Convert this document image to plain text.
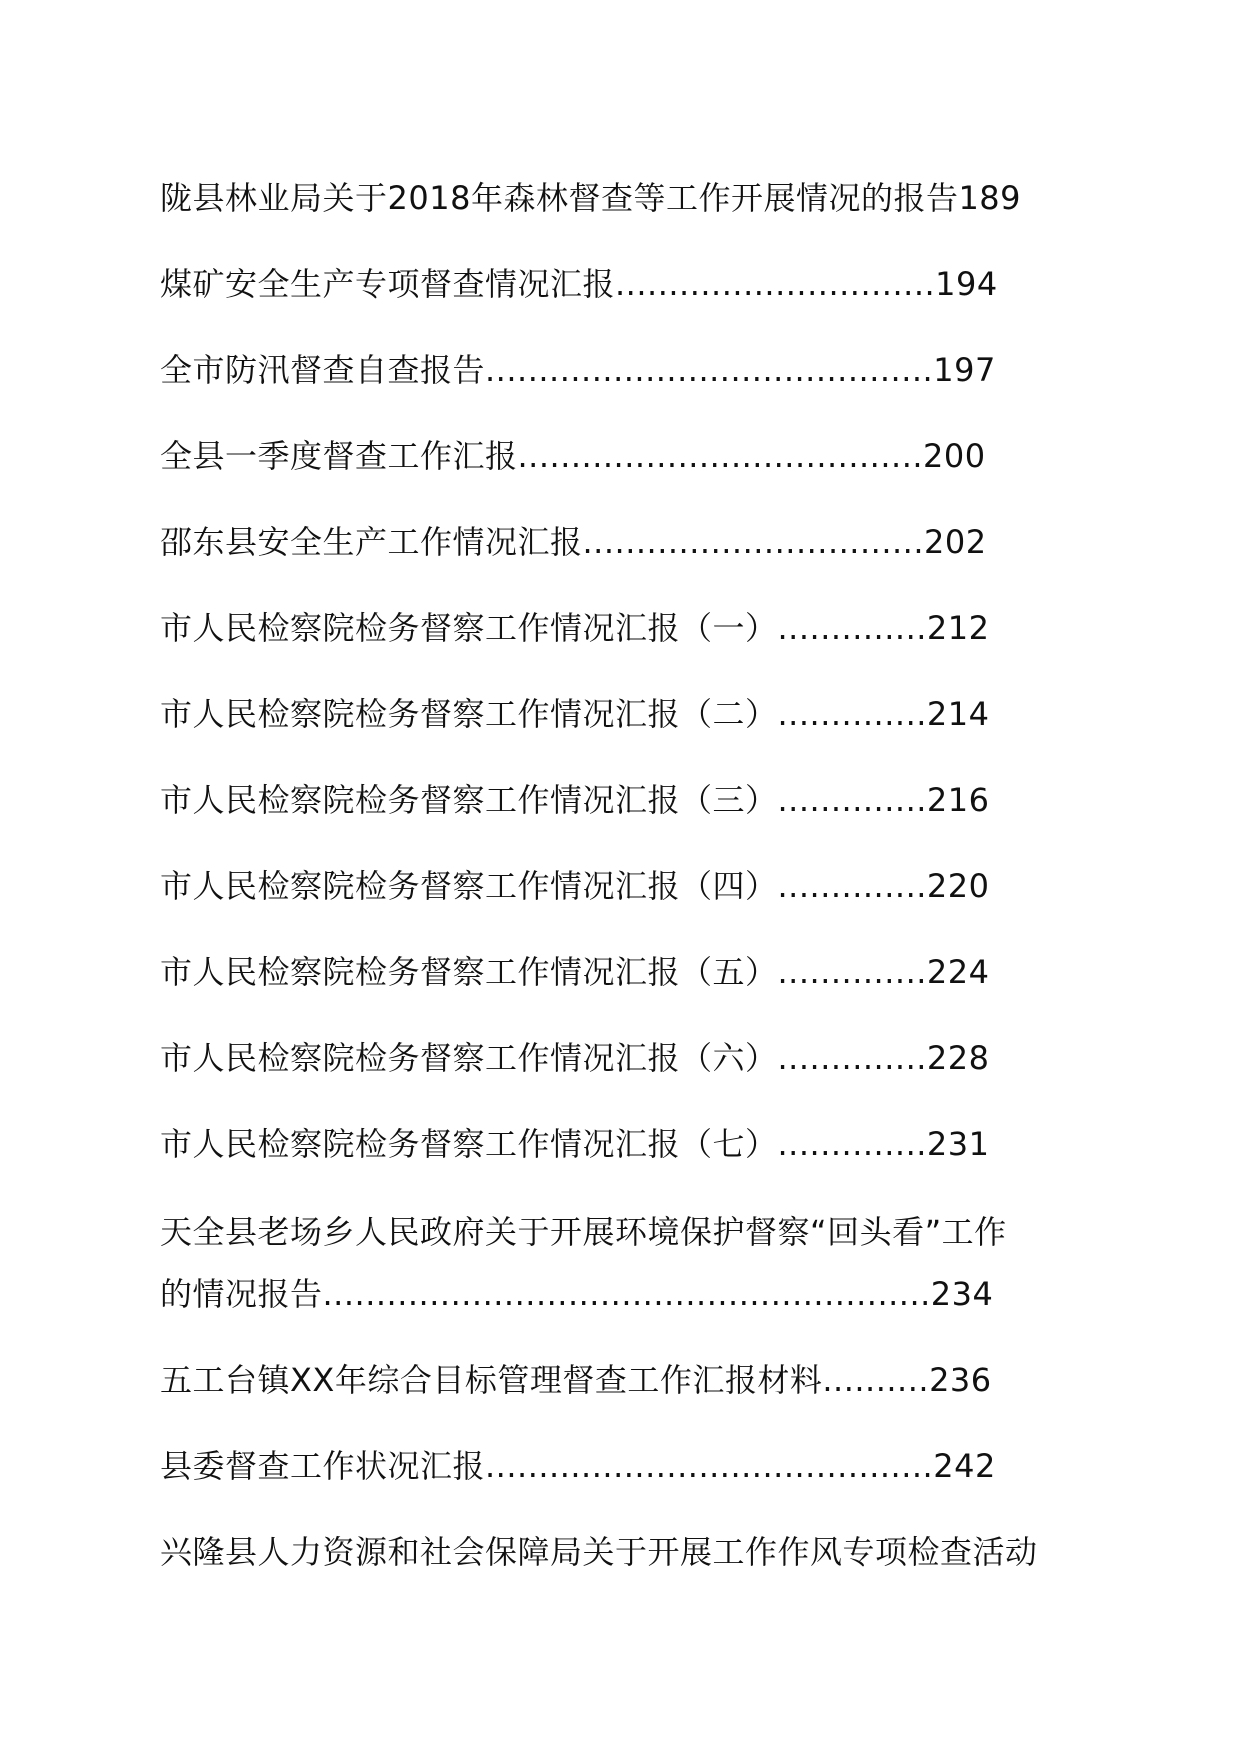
陇县林业局关于2018年森林督查等工作开展情况的报告189
煤矿安全生产专项督查情况汇报..............................194
全市防汛督查自查报告..........................................197
全县一季度督查工作汇报......................................200
邵东县安全生产工作情况汇报................................202
市人民检察院检务督察工作情况汇报（一）..............212
市人民检察院检务督察工作情况汇报（二）..............214
市人民检察院检务督察工作情况汇报（三）..............216
市人民检察院检务督察工作情况汇报（四）..............220
市人民检察院检务督察工作情况汇报（五）..............224
市人民检察院检务督察工作情况汇报（六）..............228
市人民检察院检务督察工作情况汇报（七）..............231
天全县老场乡人民政府关于开展环境保护督察“回头看”工作
的情况报告.........................................................234
五工台镇XX年综合目标管理督查工作汇报材料..........236
县委督查工作状况汇报..........................................242
兴隆县人力资源和社会保障局关于开展工作作风专项检查活动
